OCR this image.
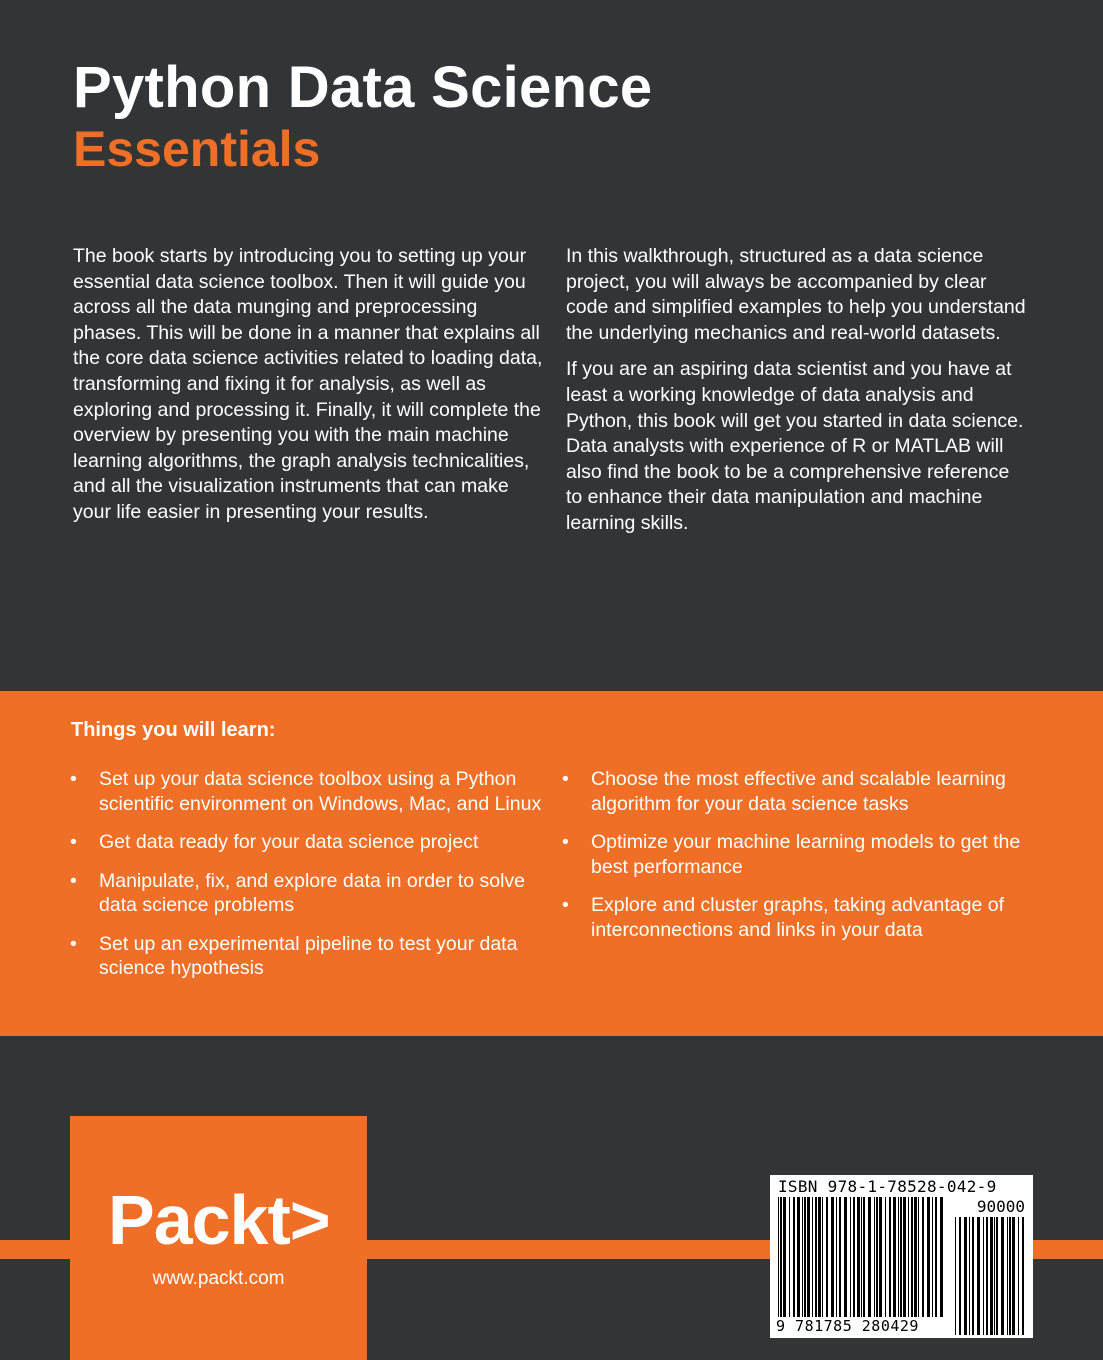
Python Data Science
Essentials

The book starts by introducing you to setting up your essential data science toolbox. Then it will guide you across all the data munging and preprocessing phases. This will be done in a manner that explains all the core data science activities related to loading data, transforming and fixing it for analysis, as well as exploring and processing it. Finally, it will complete the overview by presenting you with the main machine learning algorithms, the graph analysis technicalities, and all the visualization instruments that can make your life easier in presenting your results.

In this walkthrough, structured as a data science project, you will always be accompanied by clear code and simplified examples to help you understand the underlying mechanics and real-world datasets.

If you are an aspiring data scientist and you have at least a working knowledge of data analysis and Python, this book will get you started in data science. Data analysts with experience of R or MATLAB will also find the book to be a comprehensive reference to enhance their data manipulation and machine learning skills.

Things you will learn:
• Set up your data science toolbox using a Python scientific environment on Windows, Mac, and Linux
• Get data ready for your data science project
• Manipulate, fix, and explore data in order to solve data science problems
• Set up an experimental pipeline to test your data science hypothesis
• Choose the most effective and scalable learning algorithm for your data science tasks
• Optimize your machine learning models to get the best performance
• Explore and cluster graphs, taking advantage of interconnections and links in your data
Packt>
www.packt.com
ISBN 978-1-78528-042-9
90000
9 781785 280429
